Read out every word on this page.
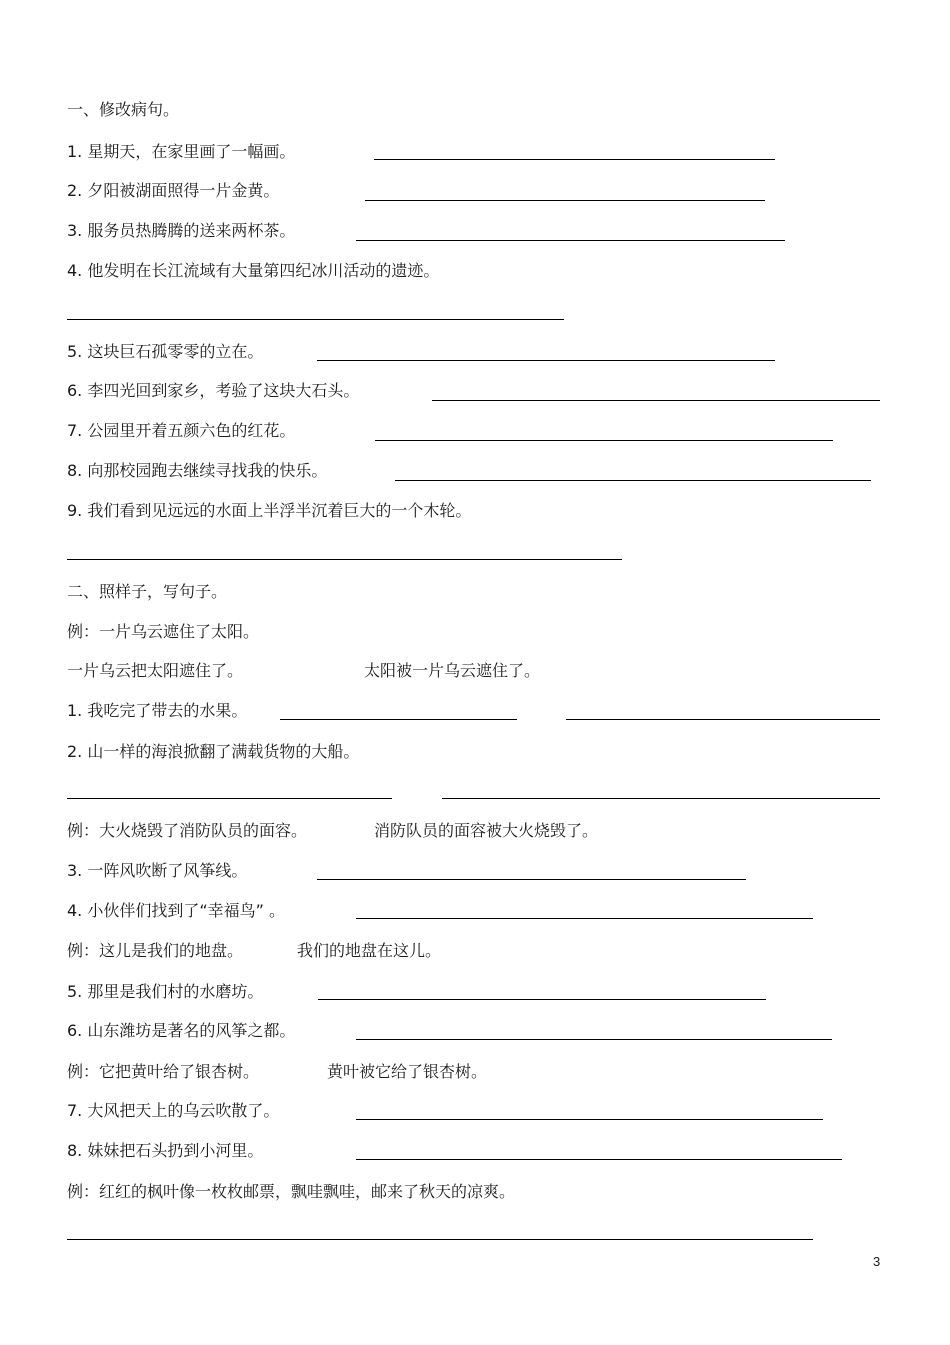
一、修改病句。
1. 星期天，在家里画了一幅画。
2. 夕阳被湖面照得一片金黄。
3. 服务员热腾腾的送来两杯茶。
4. 他发明在长江流域有大量第四纪冰川活动的遗迹。
5. 这块巨石孤零零的立在。
6. 李四光回到家乡，考验了这块大石头。
7. 公园里开着五颜六色的红花。
8. 向那校园跑去继续寻找我的快乐。
9. 我们看到见远远的水面上半浮半沉着巨大的一个木轮。
二、照样子，写句子。
例：一片乌云遮住了太阳。
一片乌云把太阳遮住了。	太阳被一片乌云遮住了。
1. 我吃完了带去的水果。
2. 山一样的海浪掀翻了满载货物的大船。
例：大火烧毁了消防队员的面容。	消防队员的面容被大火烧毁了。
3. 一阵风吹断了风筝线。
4. 小伙伴们找到了“幸福鸟” 。
例：这儿是我们的地盘。	我们的地盘在这儿。
5. 那里是我们村的水磨坊。
6. 山东潍坊是著名的风筝之都。
例：它把黄叶给了银杏树。	黄叶被它给了银杏树。
7. 大风把天上的乌云吹散了。
8. 妹妹把石头扔到小河里。
例：红红的枫叶像一枚枚邮票，飘哇飘哇，邮来了秋天的凉爽。
3
